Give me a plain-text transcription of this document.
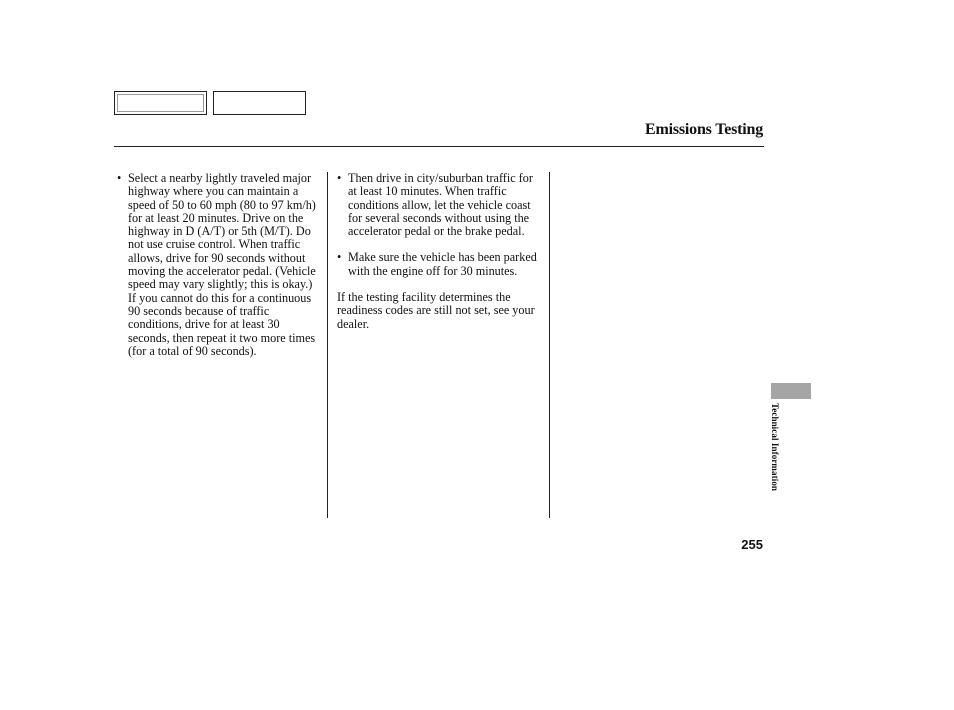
Emissions Testing
• Select a nearby lightly traveled major highway where you can maintain a speed of 50 to 60 mph (80 to 97 km/h) for at least 20 minutes. Drive on the highway in D (A/T) or 5th (M/T). Do not use cruise control. When traffic allows, drive for 90 seconds without moving the accelerator pedal. (Vehicle speed may vary slightly; this is okay.) If you cannot do this for a continuous 90 seconds because of traffic conditions, drive for at least 30 seconds, then repeat it two more times (for a total of 90 seconds).
• Then drive in city/suburban traffic for at least 10 minutes. When traffic conditions allow, let the vehicle coast for several seconds without using the accelerator pedal or the brake pedal.
• Make sure the vehicle has been parked with the engine off for 30 minutes.

If the testing facility determines the readiness codes are still not set, see your dealer.

Technical Information
255
